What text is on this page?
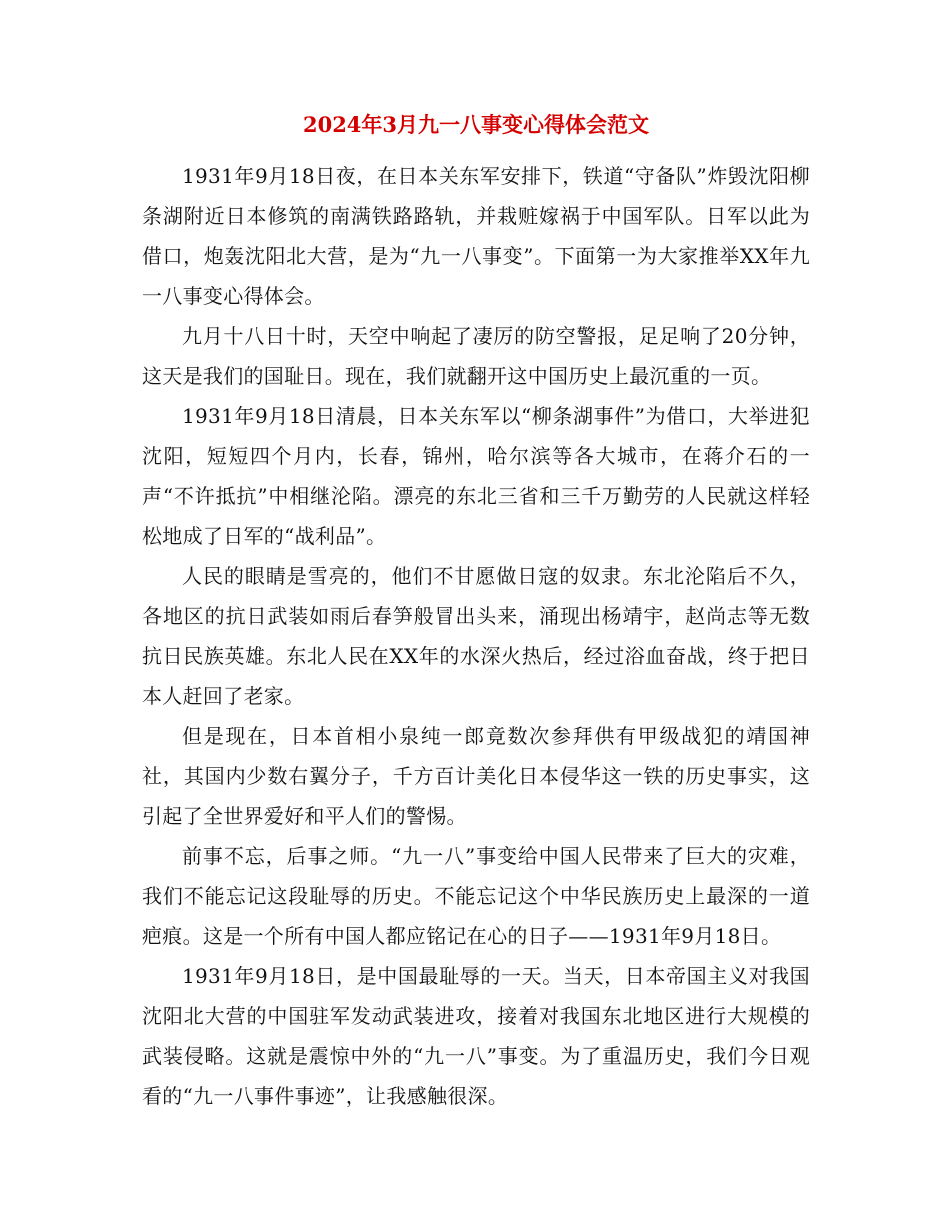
2024年3月九一八事变心得体会范文

1931年9月18日夜，在日本关东军安排下，铁道“守备队”炸毁沈阳柳条湖附近日本修筑的南满铁路路轨，并栽赃嫁祸于中国军队。日军以此为借口，炮轰沈阳北大营，是为“九一八事变”。下面第一为大家推举XX年九一八事变心得体会。

九月十八日十时，天空中响起了凄厉的防空警报，足足响了20分钟，这天是我们的国耻日。现在，我们就翻开这中国历史上最沉重的一页。

1931年9月18日清晨，日本关东军以“柳条湖事件”为借口，大举进犯沈阳，短短四个月内，长春，锦州，哈尔滨等各大城市，在蒋介石的一声“不许抵抗”中相继沦陷。漂亮的东北三省和三千万勤劳的人民就这样轻松地成了日军的“战利品”。

人民的眼睛是雪亮的，他们不甘愿做日寇的奴隶。东北沦陷后不久，各地区的抗日武装如雨后春笋般冒出头来，涌现出杨靖宇，赵尚志等无数抗日民族英雄。东北人民在XX年的水深火热后，经过浴血奋战，终于把日本人赶回了老家。

但是现在，日本首相小泉纯一郎竟数次参拜供有甲级战犯的靖国神社，其国内少数右翼分子，千方百计美化日本侵华这一铁的历史事实，这引起了全世界爱好和平人们的警惕。

前事不忘，后事之师。“九一八”事变给中国人民带来了巨大的灾难，我们不能忘记这段耻辱的历史。不能忘记这个中华民族历史上最深的一道疤痕。这是一个所有中国人都应铭记在心的日子——1931年9月18日。

1931年9月18日，是中国最耻辱的一天。当天，日本帝国主义对我国沈阳北大营的中国驻军发动武装进攻，接着对我国东北地区进行大规模的武装侵略。这就是震惊中外的“九一八”事变。为了重温历史，我们今日观看的“九一八事件事迹”，让我感触很深。
